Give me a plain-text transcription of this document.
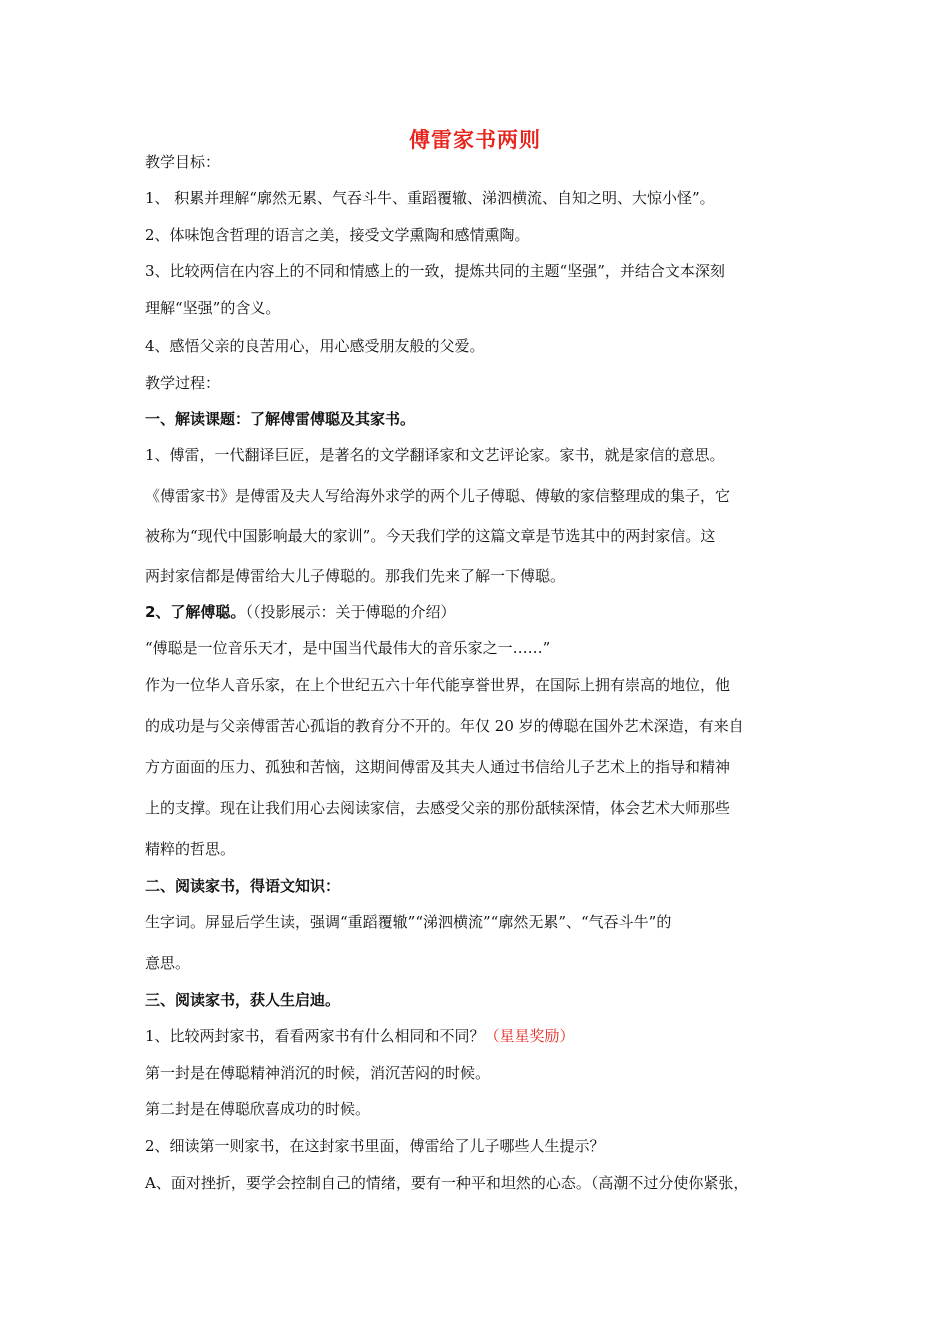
傅雷家书两则
教学目标：
1、 积累并理解“廓然无累、气吞斗牛、重蹈覆辙、涕泗横流、自知之明、大惊小怪”。
2、体味饱含哲理的语言之美，接受文学熏陶和感情熏陶。
3、比较两信在内容上的不同和情感上的一致，提炼共同的主题“坚强”，并结合文本深刻
理解“坚强”的含义。
4、感悟父亲的良苦用心，用心感受朋友般的父爱。
教学过程：
一、解读课题：了解傅雷傅聪及其家书。
1、傅雷，一代翻译巨匠，是著名的文学翻译家和文艺评论家。家书，就是家信的意思。
《傅雷家书》是傅雷及夫人写给海外求学的两个儿子傅聪、傅敏的家信整理成的集子，它
被称为“现代中国影响最大的家训”。今天我们学的这篇文章是节选其中的两封家信。这
两封家信都是傅雷给大儿子傅聪的。那我们先来了解一下傅聪。
2、了解傅聪。（（投影展示：关于傅聪的介绍）
“傅聪是一位音乐天才，是中国当代最伟大的音乐家之一……”
作为一位华人音乐家，在上个世纪五六十年代能享誉世界，在国际上拥有崇高的地位，他
的成功是与父亲傅雷苦心孤诣的教育分不开的。年仅 20 岁的傅聪在国外艺术深造，有来自
方方面面的压力、孤独和苦恼，这期间傅雷及其夫人通过书信给儿子艺术上的指导和精神
上的支撑。现在让我们用心去阅读家信，去感受父亲的那份舐犊深情，体会艺术大师那些
精粹的哲思。
二、阅读家书，得语文知识：
生字词。屏显后学生读，强调“重蹈覆辙”“涕泗横流”“廓然无累”、“气吞斗牛”的
意思。
三、阅读家书，获人生启迪。
1、比较两封家书，看看两家书有什么相同和不同？（星星奖励）
第一封是在傅聪精神消沉的时候，消沉苦闷的时候。
第二封是在傅聪欣喜成功的时候。
2、细读第一则家书，在这封家书里面，傅雷给了儿子哪些人生提示？
A、面对挫折，要学会控制自己的情绪，要有一种平和坦然的心态。（高潮不过分使你紧张，
